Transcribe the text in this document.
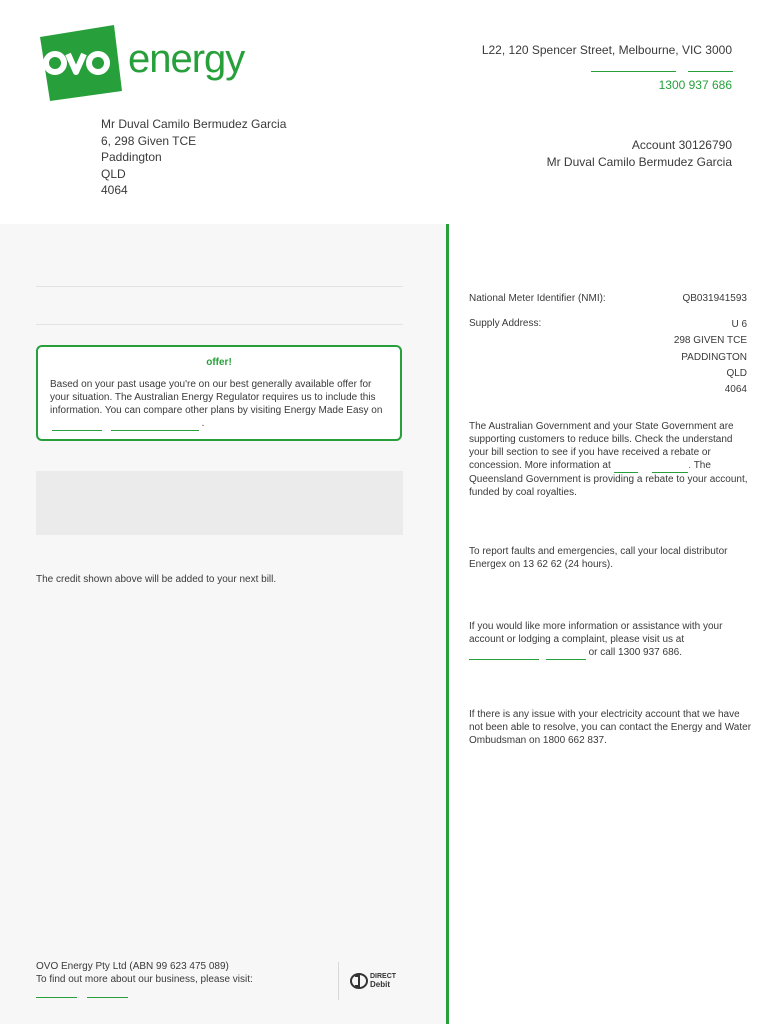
energy	L22, 120 Spencer Street, Melbourne, VIC 3000
1300 937 686
Mr Duval Camilo Bermudez Garcia
6, 298 Given TCE
Paddington
QLD
4064
Account 30126790
Mr Duval Camilo Bermudez Garcia
offer!
Based on your past usage you're on our best generally available offer for your situation. The Australian Energy Regulator requires us to include this information. You can compare other plans by visiting Energy Made Easy on     .
The credit shown above will be added to your next bill.
OVO Energy Pty Ltd (ABN 99 623 475 089)
To find out more about our business, please visit:	DIRECT
Debit
National Meter Identifier (NMI):	QB031941593
Supply Address:	U 6
298 GIVEN TCE
PADDINGTON
QLD
4064
The Australian Government and your State Government are supporting customers to reduce bills. Check the understand your bill section to see if you have received a rebate or concession. More information at	. The Queensland Government is providing a rebate to your account, funded by coal royalties.
To report faults and emergencies, call your local distributor Energex on 13 62 62 (24 hours).
If you would like more information or assistance with your account or lodging a complaint, please visit us at     or call 1300 937 686.
If there is any issue with your electricity account that we have not been able to resolve, you can contact the Energy and Water Ombudsman on 1800 662 837.
